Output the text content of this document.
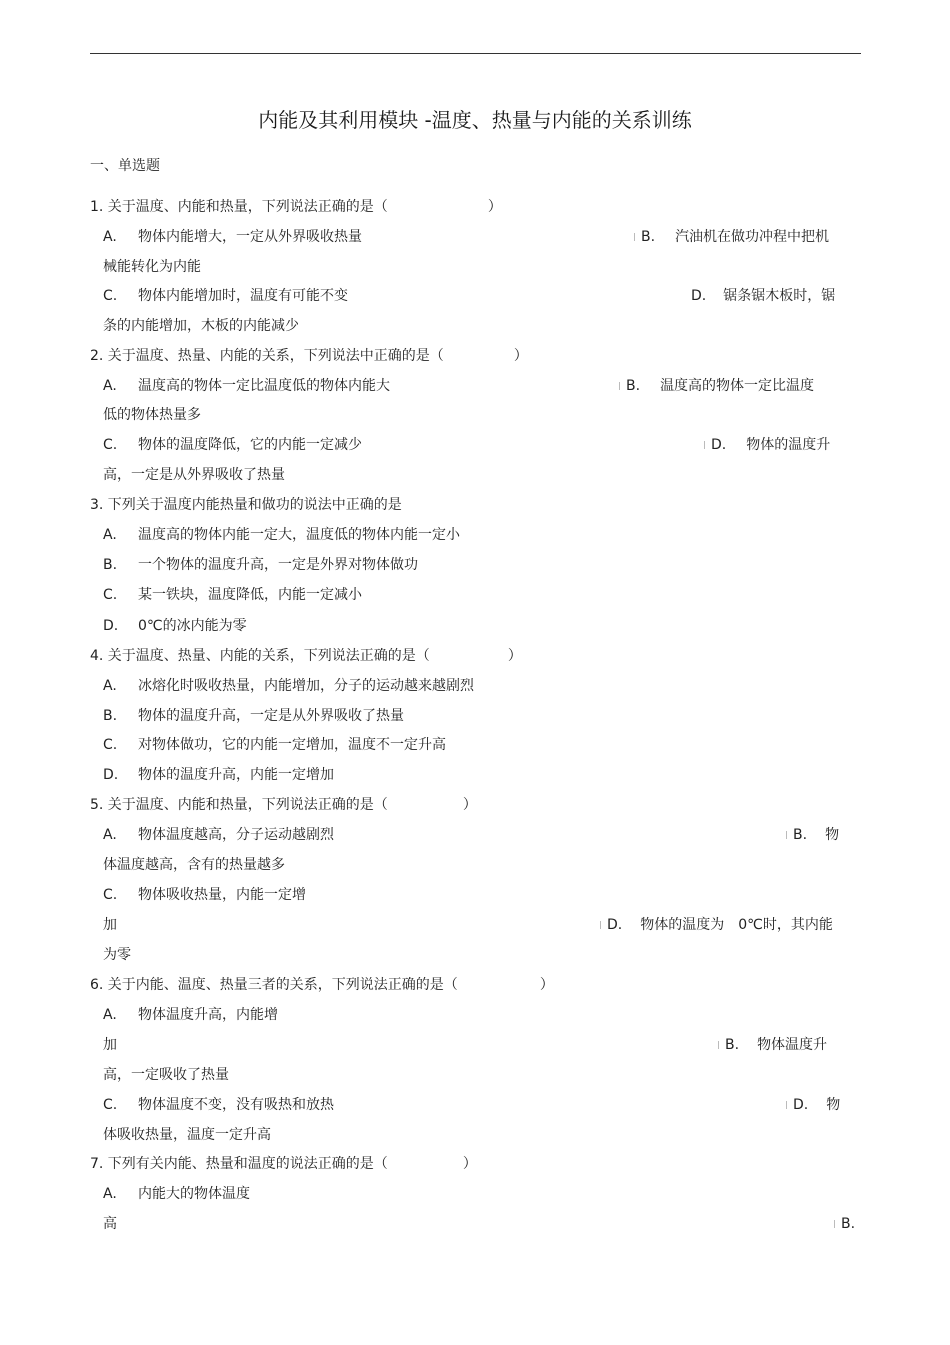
内能及其利用模块 -温度、热量与内能的关系训练
一、单选题
1. 关于温度、内能和热量，下列说法正确的是（	）
A. 物体内能增大，一定从外界吸收热量	B. 汽油机在做功冲程中把机
械能转化为内能
C. 物体内能增加时，温度有可能不变	D. 锯条锯木板时，锯
条的内能增加，木板的内能减少
2. 关于温度、热量、内能的关系，下列说法中正确的是（	）
A. 温度高的物体一定比温度低的物体内能大	B. 温度高的物体一定比温度
低的物体热量多
C. 物体的温度降低，它的内能一定减少	D. 物体的温度升
高，一定是从外界吸收了热量
3. 下列关于温度内能热量和做功的说法中正确的是
A. 温度高的物体内能一定大，温度低的物体内能一定小
B. 一个物体的温度升高，一定是外界对物体做功
C. 某一铁块，温度降低，内能一定减小
D. 0℃的冰内能为零
4. 关于温度、热量、内能的关系，下列说法正确的是（	）
A. 冰熔化时吸收热量，内能增加，分子的运动越来越剧烈
B. 物体的温度升高，一定是从外界吸收了热量
C. 对物体做功，它的内能一定增加，温度不一定升高
D. 物体的温度升高，内能一定增加
5. 关于温度、内能和热量，下列说法正确的是（	）
A. 物体温度越高，分子运动越剧烈	B. 物
体温度越高，含有的热量越多
C. 物体吸收热量，内能一定增
加	D. 物体的温度为 0℃时，其内能
为零
6. 关于内能、温度、热量三者的关系，下列说法正确的是（	）
A. 物体温度升高，内能增
加	B. 物体温度升
高，一定吸收了热量
C. 物体温度不变，没有吸热和放热	D. 物
体吸收热量，温度一定升高
7. 下列有关内能、热量和温度的说法正确的是（	）
A. 内能大的物体温度
高	B.
